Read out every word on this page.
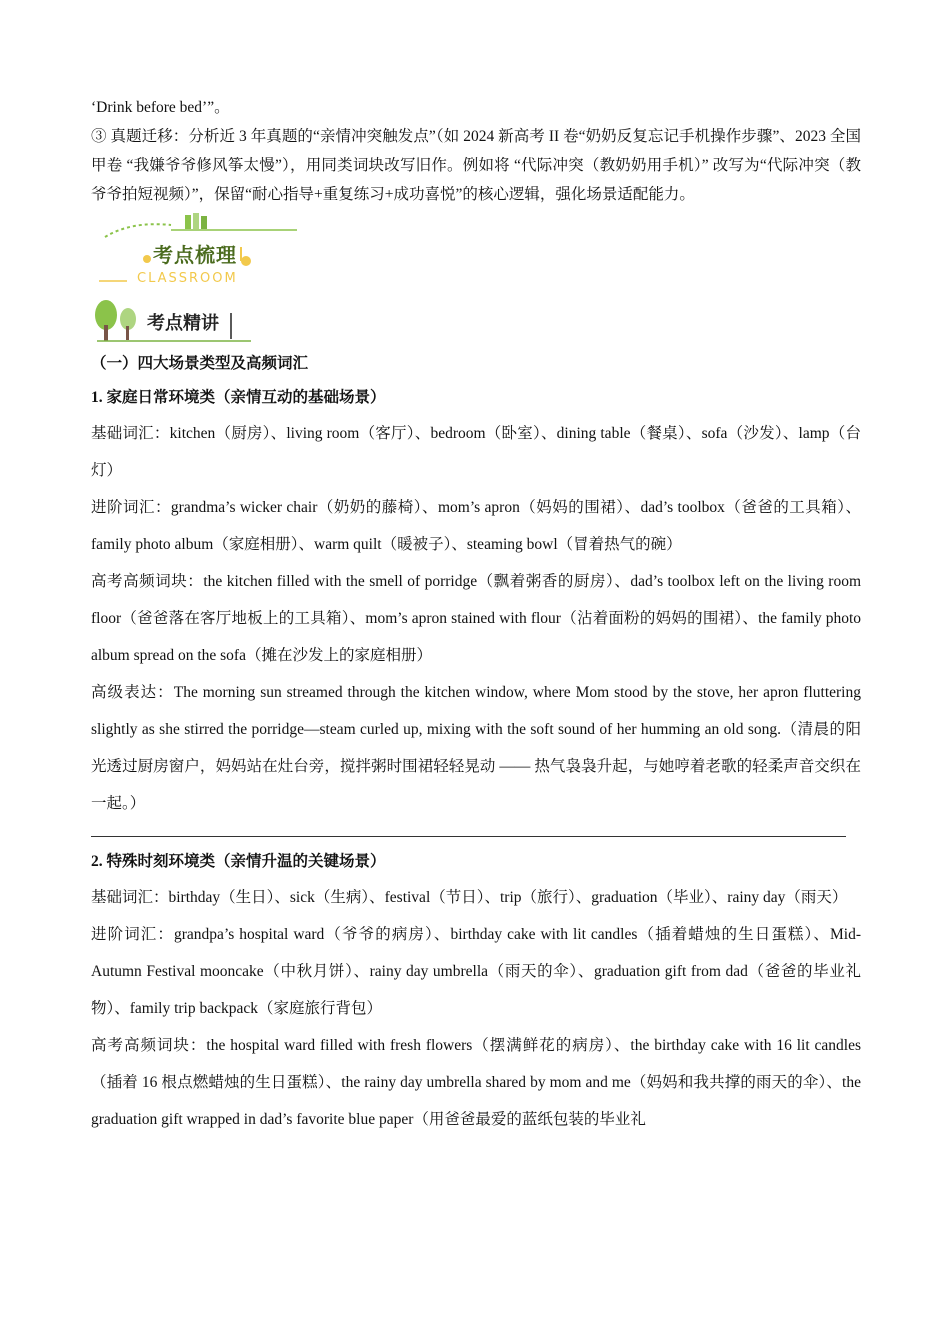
‘Drink before bed’”。

③ 真题迁移：分析近 3 年真题的“亲情冲突触发点”（如 2024 新高考 II 卷“奶奶反复忘记手机操作步骤”、2023 全国甲卷 “我嫌爷爷修风筝太慢”），用同类词块改写旧作。例如将 “代际冲突（教奶奶用手机）” 改写为“代际冲突（教爷爷拍短视频）”，保留“耐心指导+重复练习+成功喜悦”的核心逻辑，强化场景适配能力。

考点梳理
CLASSROOM
考点精讲

（一）四大场景类型及高频词汇

1. 家庭日常环境类（亲情互动的基础场景）

基础词汇：kitchen（厨房）、living room（客厅）、bedroom（卧室）、dining table（餐桌）、sofa（沙发）、lamp（台灯）

进阶词汇：grandma’s wicker chair（奶奶的藤椅）、mom’s apron（妈妈的围裙）、dad’s toolbox（爸爸的工具箱）、family photo album（家庭相册）、warm quilt（暖被子）、steaming bowl（冒着热气的碗）

高考高频词块：the kitchen filled with the smell of porridge（飘着粥香的厨房）、dad’s toolbox left on the living room floor（爸爸落在客厅地板上的工具箱）、mom’s apron stained with flour（沾着面粉的妈妈的围裙）、the family photo album spread on the sofa（摊在沙发上的家庭相册）

高级表达：The morning sun streamed through the kitchen window, where Mom stood by the stove, her apron fluttering slightly as she stirred the porridge—steam curled up, mixing with the soft sound of her humming an old song.（清晨的阳光透过厨房窗户，妈妈站在灶台旁，搅拌粥时围裙轻轻晃动 —— 热气袅袅升起，与她哼着老歌的轻柔声音交织在一起。）

2. 特殊时刻环境类（亲情升温的关键场景）

基础词汇：birthday（生日）、sick（生病）、festival（节日）、trip（旅行）、graduation（毕业）、rainy day（雨天）

进阶词汇：grandpa’s hospital ward（爷爷的病房）、birthday cake with lit candles（插着蜡烛的生日蛋糕）、Mid-Autumn Festival mooncake（中秋月饼）、rainy day umbrella（雨天的伞）、graduation gift from dad（爸爸的毕业礼物）、family trip backpack（家庭旅行背包）

高考高频词块：the hospital ward filled with fresh flowers（摆满鲜花的病房）、the birthday cake with 16 lit candles（插着 16 根点燃蜡烛的生日蛋糕）、the rainy day umbrella shared by mom and me（妈妈和我共撑的雨天的伞）、the graduation gift wrapped in dad’s favorite blue paper（用爸爸最爱的蓝纸包装的毕业礼
